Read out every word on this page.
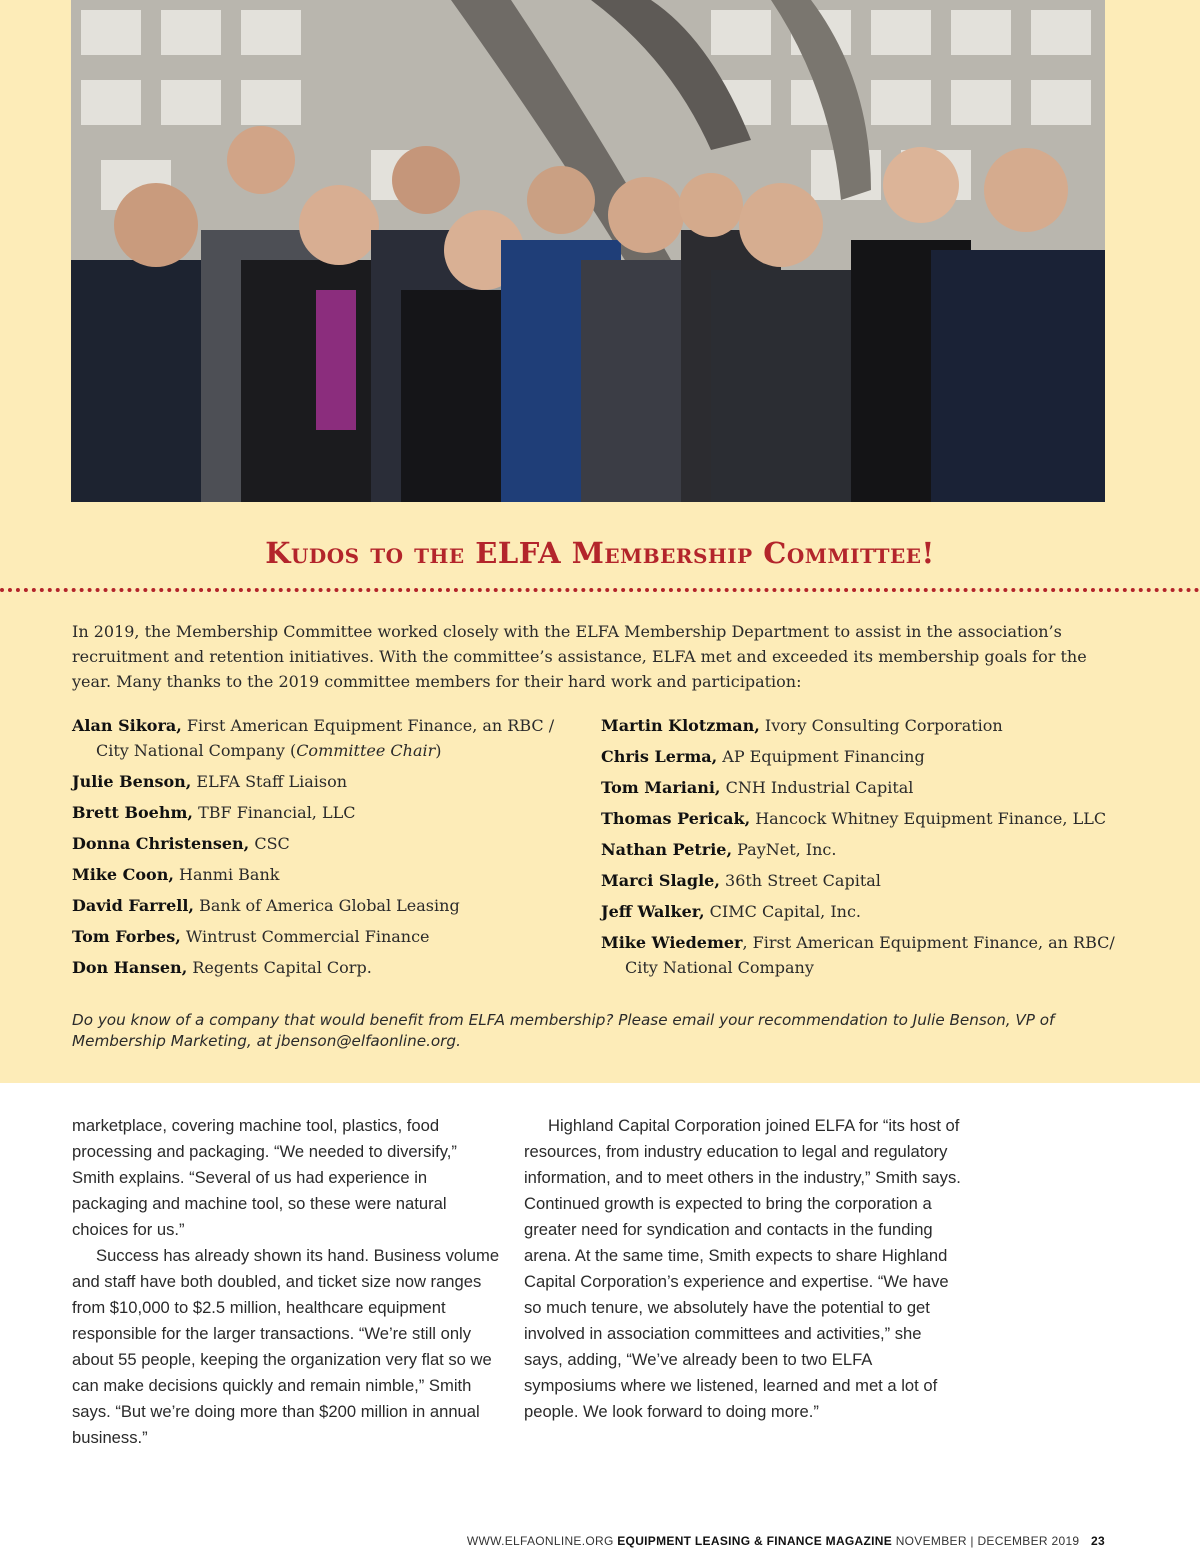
Kudos to the ELFA Membership Committee!

In 2019, the Membership Committee worked closely with the ELFA Membership Department to assist in the association’s recruitment and retention initiatives. With the committee’s assistance, ELFA met and exceeded its membership goals for the year. Many thanks to the 2019 committee members for their hard work and participation:

Alan Sikora, First American Equipment Finance, an RBC / City National Company (Committee Chair)
Julie Benson, ELFA Staff Liaison
Brett Boehm, TBF Financial, LLC
Donna Christensen, CSC
Mike Coon, Hanmi Bank
David Farrell, Bank of America Global Leasing
Tom Forbes, Wintrust Commercial Finance
Don Hansen, Regents Capital Corp.
Martin Klotzman, Ivory Consulting Corporation
Chris Lerma, AP Equipment Financing
Tom Mariani, CNH Industrial Capital
Thomas Pericak, Hancock Whitney Equipment Finance, LLC
Nathan Petrie, PayNet, Inc.
Marci Slagle, 36th Street Capital
Jeff Walker, CIMC Capital, Inc.
Mike Wiedemer, First American Equipment Finance, an RBC/ City National Company

Do you know of a company that would benefit from ELFA membership? Please email your recommendation to Julie Benson, VP of Membership Marketing, at jbenson@elfaonline.org.

marketplace, covering machine tool, plastics, food processing and packaging. “We needed to diversify,” Smith explains. “Several of us had experience in packaging and machine tool, so these were natural choices for us.”

Success has already shown its hand. Business volume and staff have both doubled, and ticket size now ranges from $10,000 to $2.5 million, healthcare equipment responsible for the larger transactions. “We’re still only about 55 people, keeping the organization very flat so we can make decisions quickly and remain nimble,” Smith says. “But we’re doing more than $200 million in annual business.”

Highland Capital Corporation joined ELFA for “its host of resources, from industry education to legal and regulatory information, and to meet others in the industry,” Smith says. Continued growth is expected to bring the corporation a greater need for syndication and contacts in the funding arena. At the same time, Smith expects to share Highland Capital Corporation’s experience and expertise. “We have so much tenure, we absolutely have the potential to get involved in association committees and activities,” she says, adding, “We’ve already been to two ELFA symposiums where we listened, learned and met a lot of people. We look forward to doing more.”

WWW.ELFAONLINE.ORG EQUIPMENT LEASING & FINANCE MAGAZINE NOVEMBER | DECEMBER 2019 23
